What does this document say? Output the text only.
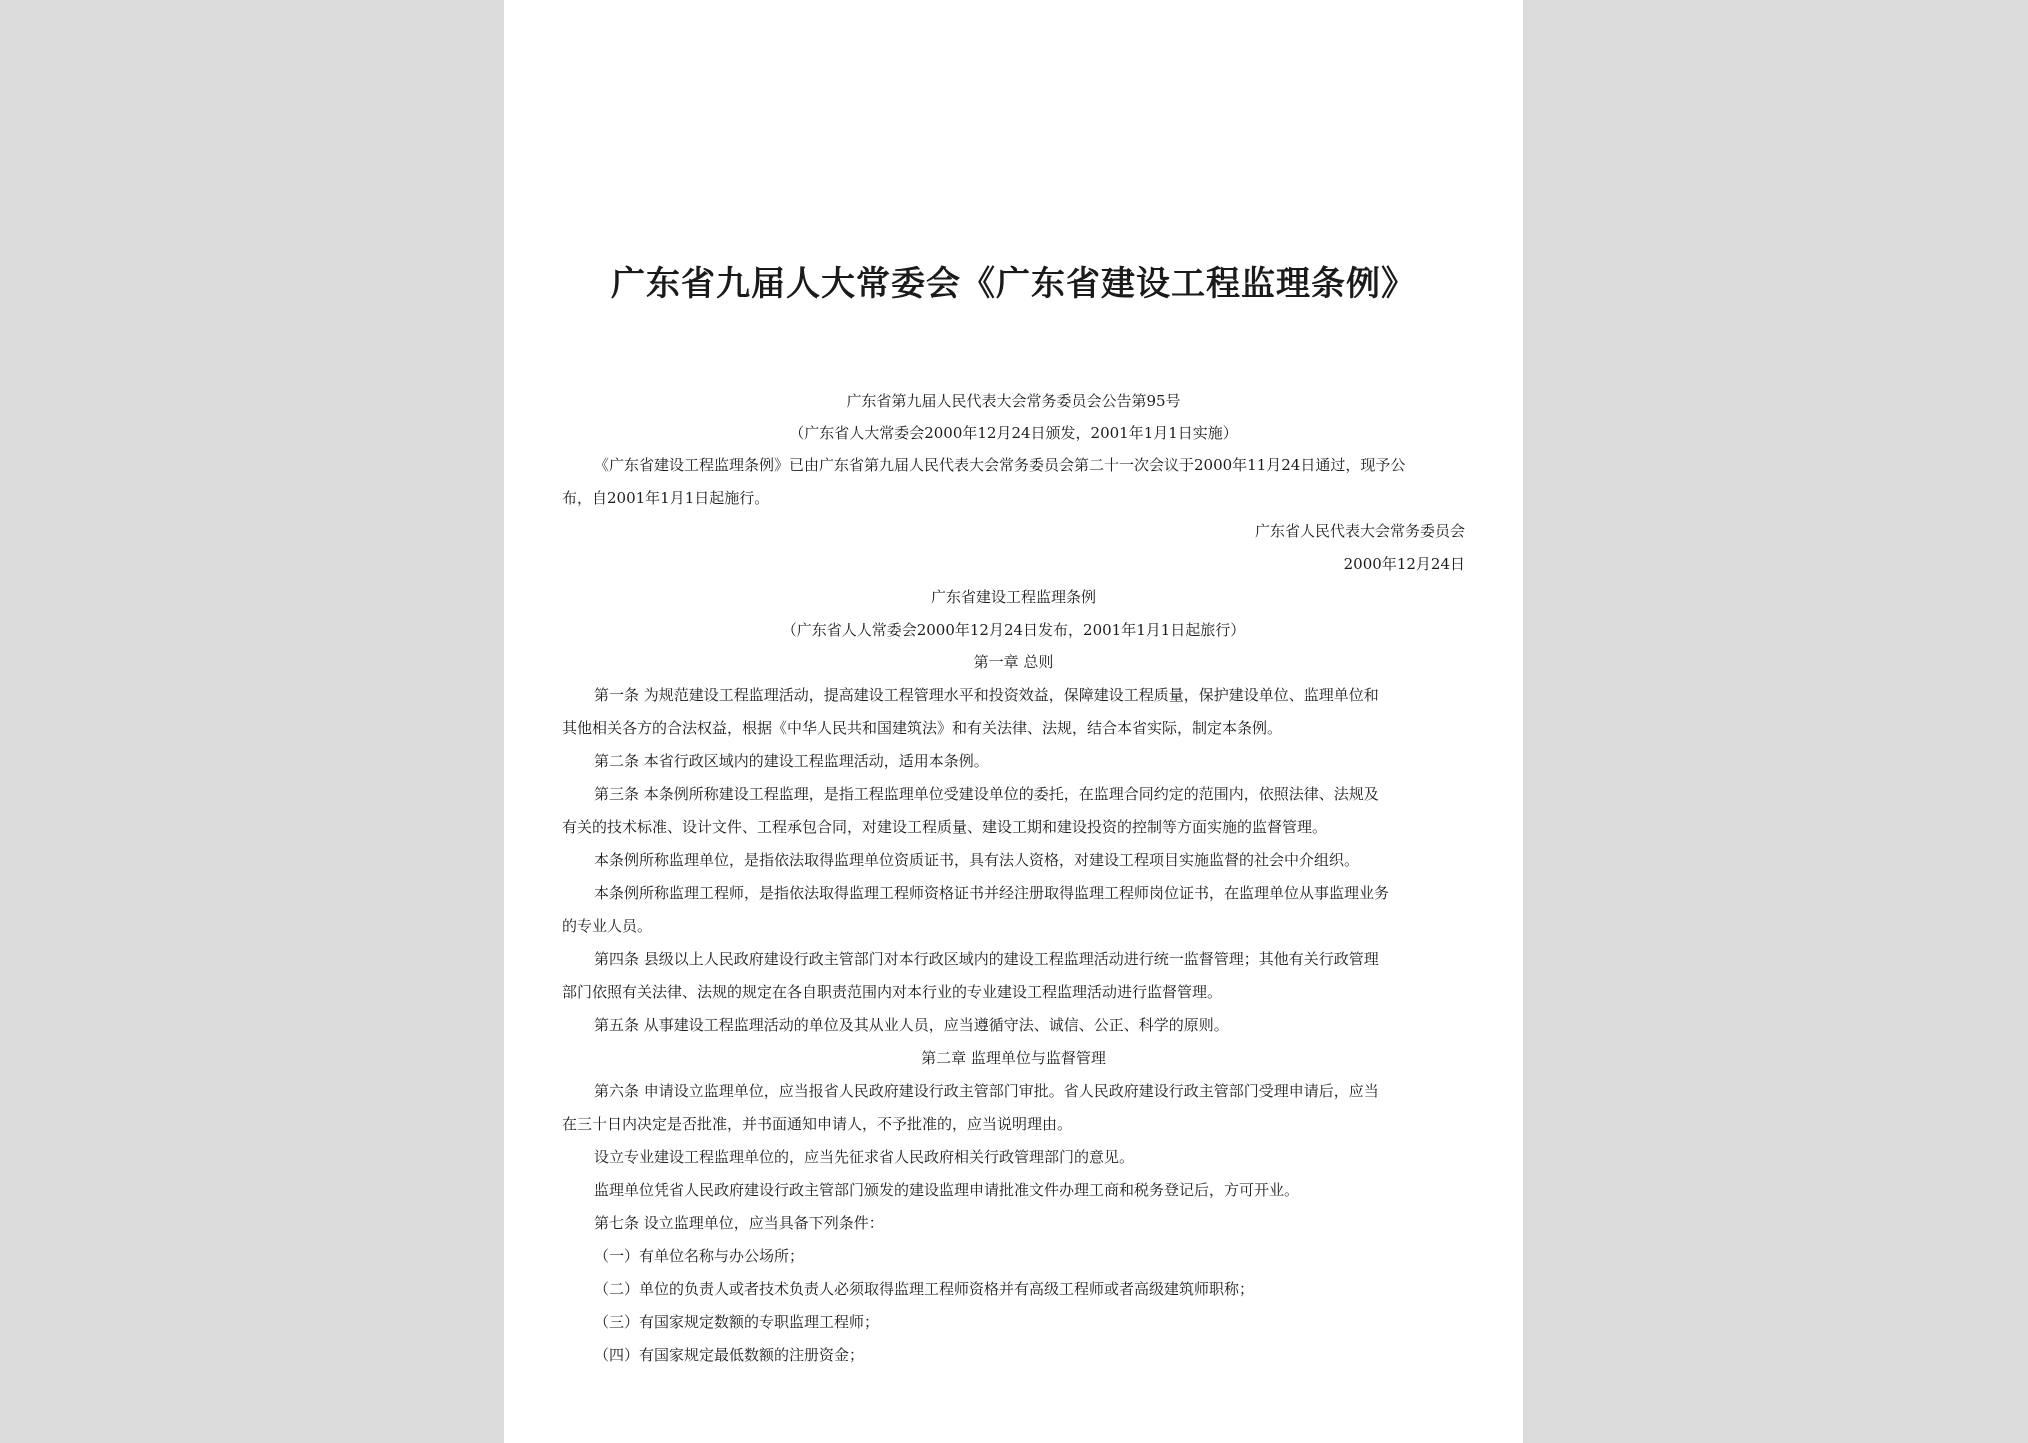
广东省九届人大常委会《广东省建设工程监理条例》
广东省第九届人民代表大会常务委员会公告第95号
（广东省人大常委会2000年12月24日颁发，2001年1月1日实施）
《广东省建设工程监理条例》已由广东省第九届人民代表大会常务委员会第二十一次会议于2000年11月24日通过，现予公
布，自2001年1月1日起施行。
广东省人民代表大会常务委员会
2000年12月24日
广东省建设工程监理条例
（广东省人人常委会2000年12月24日发布，2001年1月1日起旅行）
第一章 总则
第一条 为规范建设工程监理活动，提高建设工程管理水平和投资效益，保障建设工程质量，保护建设单位、监理单位和
其他相关各方的合法权益，根据《中华人民共和国建筑法》和有关法律、法规，结合本省实际，制定本条例。
第二条 本省行政区域内的建设工程监理活动，适用本条例。
第三条 本条例所称建设工程监理，是指工程监理单位受建设单位的委托，在监理合同约定的范围内，依照法律、法规及
有关的技术标准、设计文件、工程承包合同，对建设工程质量、建设工期和建设投资的控制等方面实施的监督管理。
本条例所称监理单位，是指依法取得监理单位资质证书，具有法人资格，对建设工程项目实施监督的社会中介组织。
本条例所称监理工程师，是指依法取得监理工程师资格证书并经注册取得监理工程师岗位证书，在监理单位从事监理业务
的专业人员。
第四条 县级以上人民政府建设行政主管部门对本行政区域内的建设工程监理活动进行统一监督管理；其他有关行政管理
部门依照有关法律、法规的规定在各自职责范围内对本行业的专业建设工程监理活动进行监督管理。
第五条 从事建设工程监理活动的单位及其从业人员，应当遵循守法、诚信、公正、科学的原则。
第二章 监理单位与监督管理
第六条 申请设立监理单位，应当报省人民政府建设行政主管部门审批。省人民政府建设行政主管部门受理申请后，应当
在三十日内决定是否批准，并书面通知申请人，不予批准的，应当说明理由。
设立专业建设工程监理单位的，应当先征求省人民政府相关行政管理部门的意见。
监理单位凭省人民政府建设行政主管部门颁发的建设监理申请批准文件办理工商和税务登记后，方可开业。
第七条 设立监理单位，应当具备下列条件：
（一）有单位名称与办公场所；
（二）单位的负责人或者技术负责人必须取得监理工程师资格并有高级工程师或者高级建筑师职称；
（三）有国家规定数额的专职监理工程师；
（四）有国家规定最低数额的注册资金；
